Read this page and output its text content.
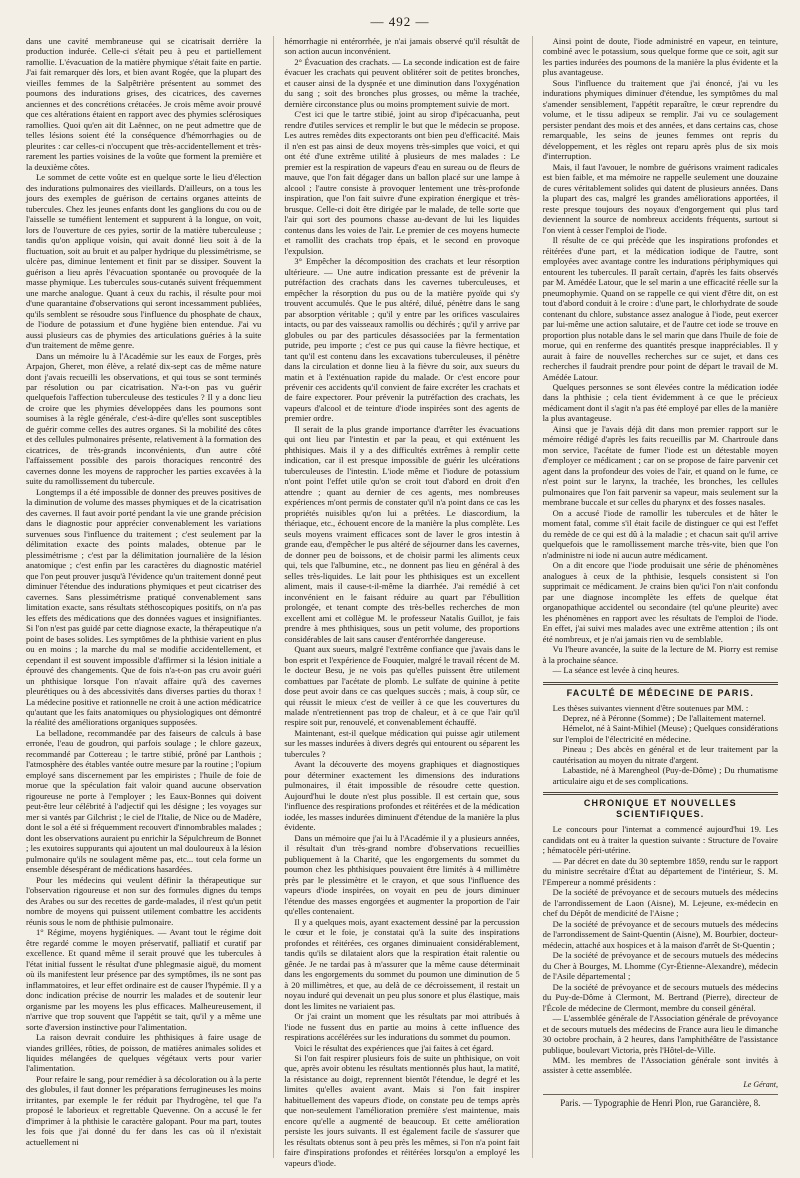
— 492 —

dans une cavité membraneuse qui se cicatrisait derrière la production indurée. Celle-ci s'était peu à peu et partiellement ramollie. L'évacuation de la matière phymique s'était faite en partie. J'ai fait remarquer dès lors, et bien avant Rogée, que la plupart des vieilles femmes de la Salpêtrière présentent au sommet des poumons des indurations grises, des cicatrices, des cavernes anciennes et des concrétions crétacées. Je crois même avoir prouvé que ces altérations étaient en rapport avec des phymies sclérosiques ramollies. Quoi qu'en ait dit Laënnec, on ne peut admettre que de telles lésions soient été la conséquence d'hémorrhagies ou de pleurites : car celles-ci n'occupent que très-accidentellement et très-rarement les parties voisines de la voûte que forment la première et la deuxième côtes.

Le sommet de cette voûte est en quelque sorte le lieu d'élection des indurations pulmonaires des vieillards. D'ailleurs, on a tous les jours des exemples de guérison de certains organes atteints de tubercules. Chez les jeunes enfants dont les ganglions du cou ou de l'aisselle se tuméfient lentement et suppurent à la longue, on voit, lors de l'ouverture de ces pyies, sortir de la matière tuberculeuse ; tandis qu'on applique voisin, qui avait donné lieu soit à de la fluctuation, soit au bruit et au palper hydrique du plessimétrisme, se ulcère pas, diminue lentement et finit par se dissiper. Souvent la guérison a lieu après l'évacuation spontanée ou provoquée de la masse phymique. Les tubercules sous-cutanés suivent fréquemment une marche analogue. Quant à ceux du rachis, il résulte pour moi d'une quarantaine d'observations qui seront incessamment publiées, qu'ils semblent se résoudre sous l'influence du phosphate de chaux, de l'iodure de potassium et d'une hygiène bien entendue. J'ai vu aussi plusieurs cas de phymies des articulations guéries à la suite d'un traitement de même genre.

Dans un mémoire lu à l'Académie sur les eaux de Forges, près Arpajon, Gheret, mon élève, a relaté dix-sept cas de même nature dont j'avais recueilli les observations, et qui tous se sont terminés par résolution ou par cicatrisation. N'a-t-on pas vu guérir quelquefois l'affection tuberculeuse des testicules ? Il y a donc lieu de croire que les phymies développées dans les poumons sont soumises à la règle générale, c'est-à-dire qu'elles sont susceptibles de guérir comme celles des autres organes. Si la mobilité des côtes et des cellules pulmonaires présente, relativement à la formation des cicatrices, de très-grands inconvénients, d'un autre côté l'affaissement possible des parois thoraciques rencontré des cavernes donne les moyens de rapprocher les parties excavées à la suite du ramollissement du tubercule.

Longtemps il a été impossible de donner des preuves positives de la diminution de volume des masses phymiques et de la cicatrisation des cavernes. Il faut avoir porté pendant la vie une grande précision dans le diagnostic pour apprécier convenablement les variations survenues sous l'influence du traitement ; c'est seulement par la délimitation exacte des points malades, obtenue par le plessimétrisme ; c'est par la délimitation journalière de la lésion anatomique ; c'est enfin par les caractères du diagnostic matériel que l'on peut prouver jusqu'à l'évidence qu'un traitement donné peut diminuer l'étendue des indurations phymiques et peut cicatriser des cavernes. Sans plessimétrisme pratiqué convenablement sans limitation exacte, sans résultats stéthoscopiques positifs, on n'a pas les effets des médications que des données vagues et insignifiantes. Si l'on n'est pas guidé par cette diagnose exacte, la thérapeutique n'a point de bases solides. Les symptômes de la phthisie varient en plus ou en moins ; la marche du mal se modifie accidentellement, et cependant il est souvent impossible d'affirmer si la lésion initiale a éprouvé des changements. Que de fois n'a-t-on pas cru avoir guéri un phthisique lorsque l'on n'avait affaire qu'à des cavernes pleurétiques ou à des abcessivités dans diverses parties du thorax ! La médecine positive et rationnelle ne croit à une action médicatrice qu'autant que les faits anatomiques ou physiologiques ont démontré la réalité des améliorations organiques supposées.

La belladone, recommandée par des faiseurs de calculs à base erronée, l'eau de goudron, qui parfois soulage ; le chlore gazeux, recommandé par Cottereau ; le tartre stibié, prôné par Lanthois ; l'atmosphère des étables vantée outre mesure par la routine ; l'opium employé sans discernement par les empiristes ; l'huile de foie de morue que la spéculation fait valoir quand aucune observation rigoureuse ne porte à l'employer ; les Eaux-Bonnes qui doivent peut-être leur célébrité à l'adjectif qui les désigne ; les voyages sur mer si vantés par Gilchrist ; le ciel de l'Italie, de Nice ou de Madère, dont le sol a été si fréquemment recouvert d'innombrables malades ; dont les observations auraient pu enrichir la Sépulchreum de Bonnet ; les exutoires suppurants qui ajoutent un mal douloureux à la lésion pulmonaire qu'ils ne soulagent même pas, etc... tout cela forme un ensemble désespérant de médications hasardées.

Pour les médecins qui veulent définir la thérapeutique sur l'observation rigoureuse et non sur des formules dignes du temps des Arabes ou sur des recettes de garde-malades, il n'est qu'un petit nombre de moyens qui puissent utilement combattre les accidents réunis sous le nom de phthisie pulmonaire.

1° Régime, moyens hygiéniques. — Avant tout le régime doit être regardé comme le moyen préservatif, palliatif et curatif par excellence. Et quand même il serait prouvé que les tubercules à l'état initial fussent le résultat d'une phlegmasie aiguë, du moment où ils manifestent leur présence par des symptômes, ils ne sont pas inflammatoires, et leur effet ordinaire est de causer l'hypémie. Il y a donc indication précise de nourrir les malades et de soutenir leur organisme par les moyens les plus efficaces. Malheureusement, il n'arrive que trop souvent que l'appétit se tait, qu'il y a même une sorte d'aversion instinctive pour l'alimentation.

La raison devrait conduire les phthisiques à faire usage de viandes grillées, rôties, de poisson, de matières animales solides et liquides mélangées de quelques végétaux verts pour varier l'alimentation.

Pour refaire le sang, pour remédier à sa décoloration ou à la perte des globules, il faut donner les préparations ferrugineuses les moins irritantes, par exemple le fer réduit par l'hydrogène, tel que l'a proposé le laborieux et regrettable Quevenne. On a accusé le fer d'imprimer à la phthisie le caractère galopant. Pour ma part, toutes les fois que j'ai donné du fer dans les cas où il n'existait actuellement ni

hémorrhagie ni entérorrhée, je n'ai jamais observé qu'il résultât de son action aucun inconvénient.

2° Évacuation des crachats. — La seconde indication est de faire évacuer les crachats qui peuvent oblitérer soit de petites bronches, et causer ainsi de la dyspnée et une diminution dans l'oxygénation du sang ; soit des bronches plus grosses, ou même la trachée, dernière circonstance plus ou moins promptement suivie de mort.

C'est ici que le tartre stibié, joint au sirop d'ipécacuanha, peut rendre d'utiles services et remplir le but que le médecin se propose. Les autres remèdes dits expectorants ont bien peu d'efficacité. Mais il n'en est pas ainsi de deux moyens très-simples que voici, et qui ont été d'une extrême utilité à plusieurs de mes malades : Le premier est la respiration de vapeurs d'eau en sureau ou de fleurs de mauve, que l'on fait dégager dans un ballon placé sur une lampe à alcool ; l'autre consiste à provoquer lentement une très-profonde inspiration, que l'on fait suivre d'une expiration énergique et très-brusque. Celle-ci doit être dirigée par le malade, de telle sorte que l'air qui sort des poumons chasse au-devant de lui les liquides contenus dans les voies de l'air. Le premier de ces moyens humecte et ramollit des crachats trop épais, et le second en provoque l'expulsion.

3° Empêcher la décomposition des crachats et leur résorption ultérieure. — Une autre indication pressante est de prévenir la putréfaction des crachats dans les cavernes tuberculeuses, et empêcher la résorption du pus ou de la matière pyoïde qui s'y trouvent accumulés. Que le pus altéré, dilué, pénètre dans le sang par absorption véritable ; qu'il y entre par les orifices vasculaires intacts, ou par des vaisseaux ramollis ou déchirés ; qu'il y arrive par globules ou par des particules désassociées par la fermentation putride, peu importe ; c'est ce pus qui cause la fièvre hectique, et tant qu'il est contenu dans les excavations tuberculeuses, il pénètre dans la circulation et donne lieu à la fièvre du soir, aux sueurs du matin et à l'exténuation rapide du malade. Or c'est encore pour prévenir ces accidents qu'il convient de faire excréter les crachats et de faire expectorer. Pour prévenir la putréfaction des crachats, les vapeurs d'alcool et de teinture d'iode inspirées sont des agents de premier ordre.

Il serait de la plus grande importance d'arrêter les évacuations qui ont lieu par l'intestin et par la peau, et qui exténuent les phthisiques. Mais il y a des difficultés extrêmes à remplir cette indication, car il est presque impossible de guérir les ulcérations tuberculeuses de l'intestin. L'iode même et l'iodure de potassium n'ont point l'effet utile qu'on se croit tout d'abord en droit d'en attendre ; quant au dernier de ces agents, mes nombreuses expériences m'ont permis de constater qu'il n'a point dans ce cas les propriétés nuisibles qu'on lui a prêtées. Le diascordium, la thériaque, etc., échouent encore de la manière la plus complète. Les seuls moyens vraiment efficaces sont de laver le gros intestin à grande eau, d'empêcher le pus altéré de séjourner dans les cavernes, de donner peu de boissons, et de choisir parmi les aliments ceux qui, tels que l'albumine, etc., ne donnent pas lieu en général à des selles très-liquides. Le lait pour les phthisiques est un excellent aliment, mais il cause-t-il-même la diarrhée. J'ai remédié à cet inconvénient en le faisant réduire au quart par l'ébullition prolongée, et tenant compte des très-belles recherches de mon excellent ami et collègue M. le professeur Natalis Guillot, je fais prendre à mes phthisiques, sous un petit volume, des proportions considérables de lait sans causer d'entérorrhée dangereuse.

Quant aux sueurs, malgré l'extrême confiance que j'avais dans le bon esprit et l'expérience de Fouquier, malgré le travail récent de M. le docteur Besu, je ne vois pas qu'elles puissent être utilement combattues par l'acétate de plomb. Le sulfate de quinine à petite dose peut avoir dans ce cas quelques succès ; mais, à coup sûr, ce qui réussit le mieux c'est de veiller à ce que les couvertures du malade n'entretiennent pas trop de chaleur, et à ce que l'air qu'il respire soit pur, renouvelé, et convenablement échauffé.

Maintenant, est-il quelque médication qui puisse agir utilement sur les masses indurées à divers degrés qui entourent ou séparent les tubercules ?

Avant la découverte des moyens graphiques et diagnostiques pour déterminer exactement les dimensions des indurations pulmonaires, il était impossible de résoudre cette question. Aujourd'hui le doute n'est plus possible. Il est certain que, sous l'influence des respirations profondes et réitérées et de la médication iodée, les masses indurées diminuent d'étendue de la manière la plus évidente.

Dans un mémoire que j'ai lu à l'Académie il y a plusieurs années, il résultait d'un très-grand nombre d'observations recueillies publiquement à la Charité, que les engorgements du sommet du poumon chez les phthisiques pouvaient être limités à 4 millimètre près par le plessimètre et le crayon, et que sous l'influence des vapeurs d'iode inspirées, on voyait en peu de jours diminuer l'étendue des masses engorgées et augmenter la proportion de l'air qu'elles contenaient.

Il y a quelques mois, ayant exactement dessiné par la percussion le cœur et le foie, je constatai qu'à la suite des inspirations profondes et réitérées, ces organes diminuaient considérablement, tandis qu'ils se dilataient alors que la respiration était ralentie ou gênée. Je ne tardai pas à m'assurer que la même cause déterminait dans les engorgements du sommet du poumon une diminution de 5 à 20 millimètres, et que, au delà de ce décroissement, il restait un noyau induré qui devenait un peu plus sonore et plus élastique, mais dont les limites ne variaient pas.

Or j'ai craint un moment que les résultats par moi attribués à l'iode ne fussent dus en partie au moins à cette influence des respirations accélérées sur les indurations du sommet du poumon.

Voici le résultat des expériences que j'ai faites à cet égard.

Si l'on fait respirer plusieurs fois de suite un phthisique, on voit que, après avoir obtenu les résultats mentionnés plus haut, la matité, la résistance au doigt, reprennent bientôt l'étendue, le degré et les limites qu'elles avaient avant. Mais si l'on fait inspirer habituellement des vapeurs d'iode, on constate peu de temps après que non-seulement l'amélioration première s'est maintenue, mais encore qu'elle a augmenté de beaucoup. Et cette amélioration persiste les jours suivants. Il est également facile de s'assurer que les résultats obtenus sont à peu près les mêmes, si l'on n'a point fait faire d'inspirations profondes et réitérées lorsqu'on a employé les vapeurs d'iode.

Ainsi point de doute, l'iode administré en vapeur, en teinture, combiné avec le potassium, sous quelque forme que ce soit, agit sur les parties indurées des poumons de la manière la plus évidente et la plus avantageuse.

Sous l'influence du traitement que j'ai énoncé, j'ai vu les indurations phymiques diminuer d'étendue, les symptômes du mal s'amender sensiblement, l'appétit reparaître, le cœur reprendre du volume, et le tissu adipeux se remplir. J'ai vu ce soulagement persister pendant des mois et des années, et dans certains cas, chose remarquable, les seins de jeunes femmes ont repris du développement, et les règles ont reparu après plus de six mois d'interruption.

Mais, il faut l'avouer, le nombre de guérisons vraiment radicales est bien faible, et ma mémoire ne rappelle seulement une douzaine de cures véritablement solides qui datent de plusieurs années. Dans la plupart des cas, malgré les grandes améliorations apportées, il reste presque toujours des noyaux d'engorgement qui plus tard deviennent la source de nombreux accidents fréquents, surtout si l'on vient à cesser l'emploi de l'iode.

Il résulte de ce qui précède que les inspirations profondes et réitérées d'une part, et la médication iodique de l'autre, sont employées avec avantage contre les indurations périphymiques qui entourent les tubercules. Il paraît certain, d'après les faits observés par M. Amédée Latour, que le sel marin a une efficacité réelle sur la pneumophymie. Quand on se rappelle ce qui vient d'être dit, on est tout d'abord conduit à le croire : d'une part, le chlorhydrate de soude contenant du chlore, substance assez analogue à l'iode, peut exercer par lui-même une action salutaire, et de l'autre cet iode se trouve en proportion plus notable dans le sel marin que dans l'huile de foie de morue, qui en renferme des quantités presque inappréciables. Il y aurait à faire de nouvelles recherches sur ce sujet, et dans ces recherches il faudrait prendre pour point de départ le travail de M. Amédée Latour.

Quelques personnes se sont élevées contre la médication iodée dans la phthisie ; cela tient évidemment à ce que le précieux médicament dont il s'agit n'a pas été employé par elles de la manière la plus avantageuse.

Ainsi que je l'avais déjà dit dans mon premier rapport sur le mémoire rédigé d'après les faits recueillis par M. Chartroule dans mon service, l'acétate de fumer l'iode est un détestable moyen d'employer ce médicament ; car on se propose de faire parvenir cet agent dans la profondeur des voies de l'air, et quand on le fume, ce n'est point sur le larynx, la trachée, les bronches, les cellules pulmonaires que l'on fait parvenir sa vapeur, mais seulement sur la membrane buccale et sur celles du pharynx et des fosses nasales.

On a accusé l'iode de ramollir les tubercules et de hâter le moment fatal, comme s'il était facile de distinguer ce qui est l'effet du remède de ce qui est dû à la maladie ; et chacun sait qu'il arrive quelquefois que le ramollissement marche très-vite, bien que l'on n'administre ni iode ni aucun autre médicament.

On a dit encore que l'iode produisait une série de phénomènes analogues à ceux de la phthisie, lesquels consistent si l'on supprimait ce médicament. Je crains bien qu'ici l'on n'ait confondu par une diagnose incomplète les effets de quelque état organopathique accidentel ou secondaire (tel qu'une pleurite) avec les phénomènes en rapport avec les résultats de l'emploi de l'iode. En effet, j'ai suivi mes malades avec une extrême attention ; ils ont été nombreux, et je n'ai jamais rien vu de semblable.

Vu l'heure avancée, la suite de la lecture de M. Piorry est remise à la prochaine séance.

— La séance est levée à cinq heures.

FACULTÉ DE MÉDECINE DE PARIS.

Les thèses suivantes viennent d'être soutenues par MM. :

Deprez, né à Péronne (Somme) ; De l'allaitement maternel.

Hémelot, né à Saint-Mihiel (Meuse) ; Quelques considérations sur l'emploi de l'électricité en médecine.

Pineau ; Des abcès en général et de leur traitement par la cautérisation au moyen du nitrate d'argent.

Labastide, né à Marengheol (Puy-de-Dôme) ; Du rhumatisme articulaire aigu et de ses complications.

CHRONIQUE ET NOUVELLES SCIENTIFIQUES.

Le concours pour l'internat a commencé aujourd'hui 19. Les candidats ont eu à traiter la question suivante : Structure de l'ovaire ; hématocèle péri-utérine.

— Par décret en date du 30 septembre 1859, rendu sur le rapport du ministre secrétaire d'État au département de l'intérieur, S. M. l'Empereur a nommé présidents :

De la société de prévoyance et de secours mutuels des médecins de l'arrondissement de Laon (Aisne), M. Lejeune, ex-médecin en chef du Dépôt de mendicité de l'Aisne ;

De la société de prévoyance et de secours mutuels des médecins de l'arrondissement de Saint-Quentin (Aisne), M. Bourbier, docteur-médecin, attaché aux hospices et à la maison d'arrêt de St-Quentin ;

De la société de prévoyance et de secours mutuels des médecins du Cher à Bourges, M. Lhomme (Cyr-Étienne-Alexandre), médecin de l'Asile départemental ;

De la société de prévoyance et de secours mutuels des médecins du Puy-de-Dôme à Clermont, M. Bertrand (Pierre), directeur de l'École de médecine de Clermont, membre du conseil général.

— L'assemblée générale de l'Association générale de prévoyance et de secours mutuels des médecins de France aura lieu le dimanche 30 octobre prochain, à 2 heures, dans l'amphithéâtre de l'assistance publique, boulevart Victoria, près l'Hôtel-de-Ville.

MM. les membres de l'Association générale sont invités à assister à cette assemblée.

Le Gérant,
Paris. — Typographie de Henri Plon, rue Garancière, 8.
